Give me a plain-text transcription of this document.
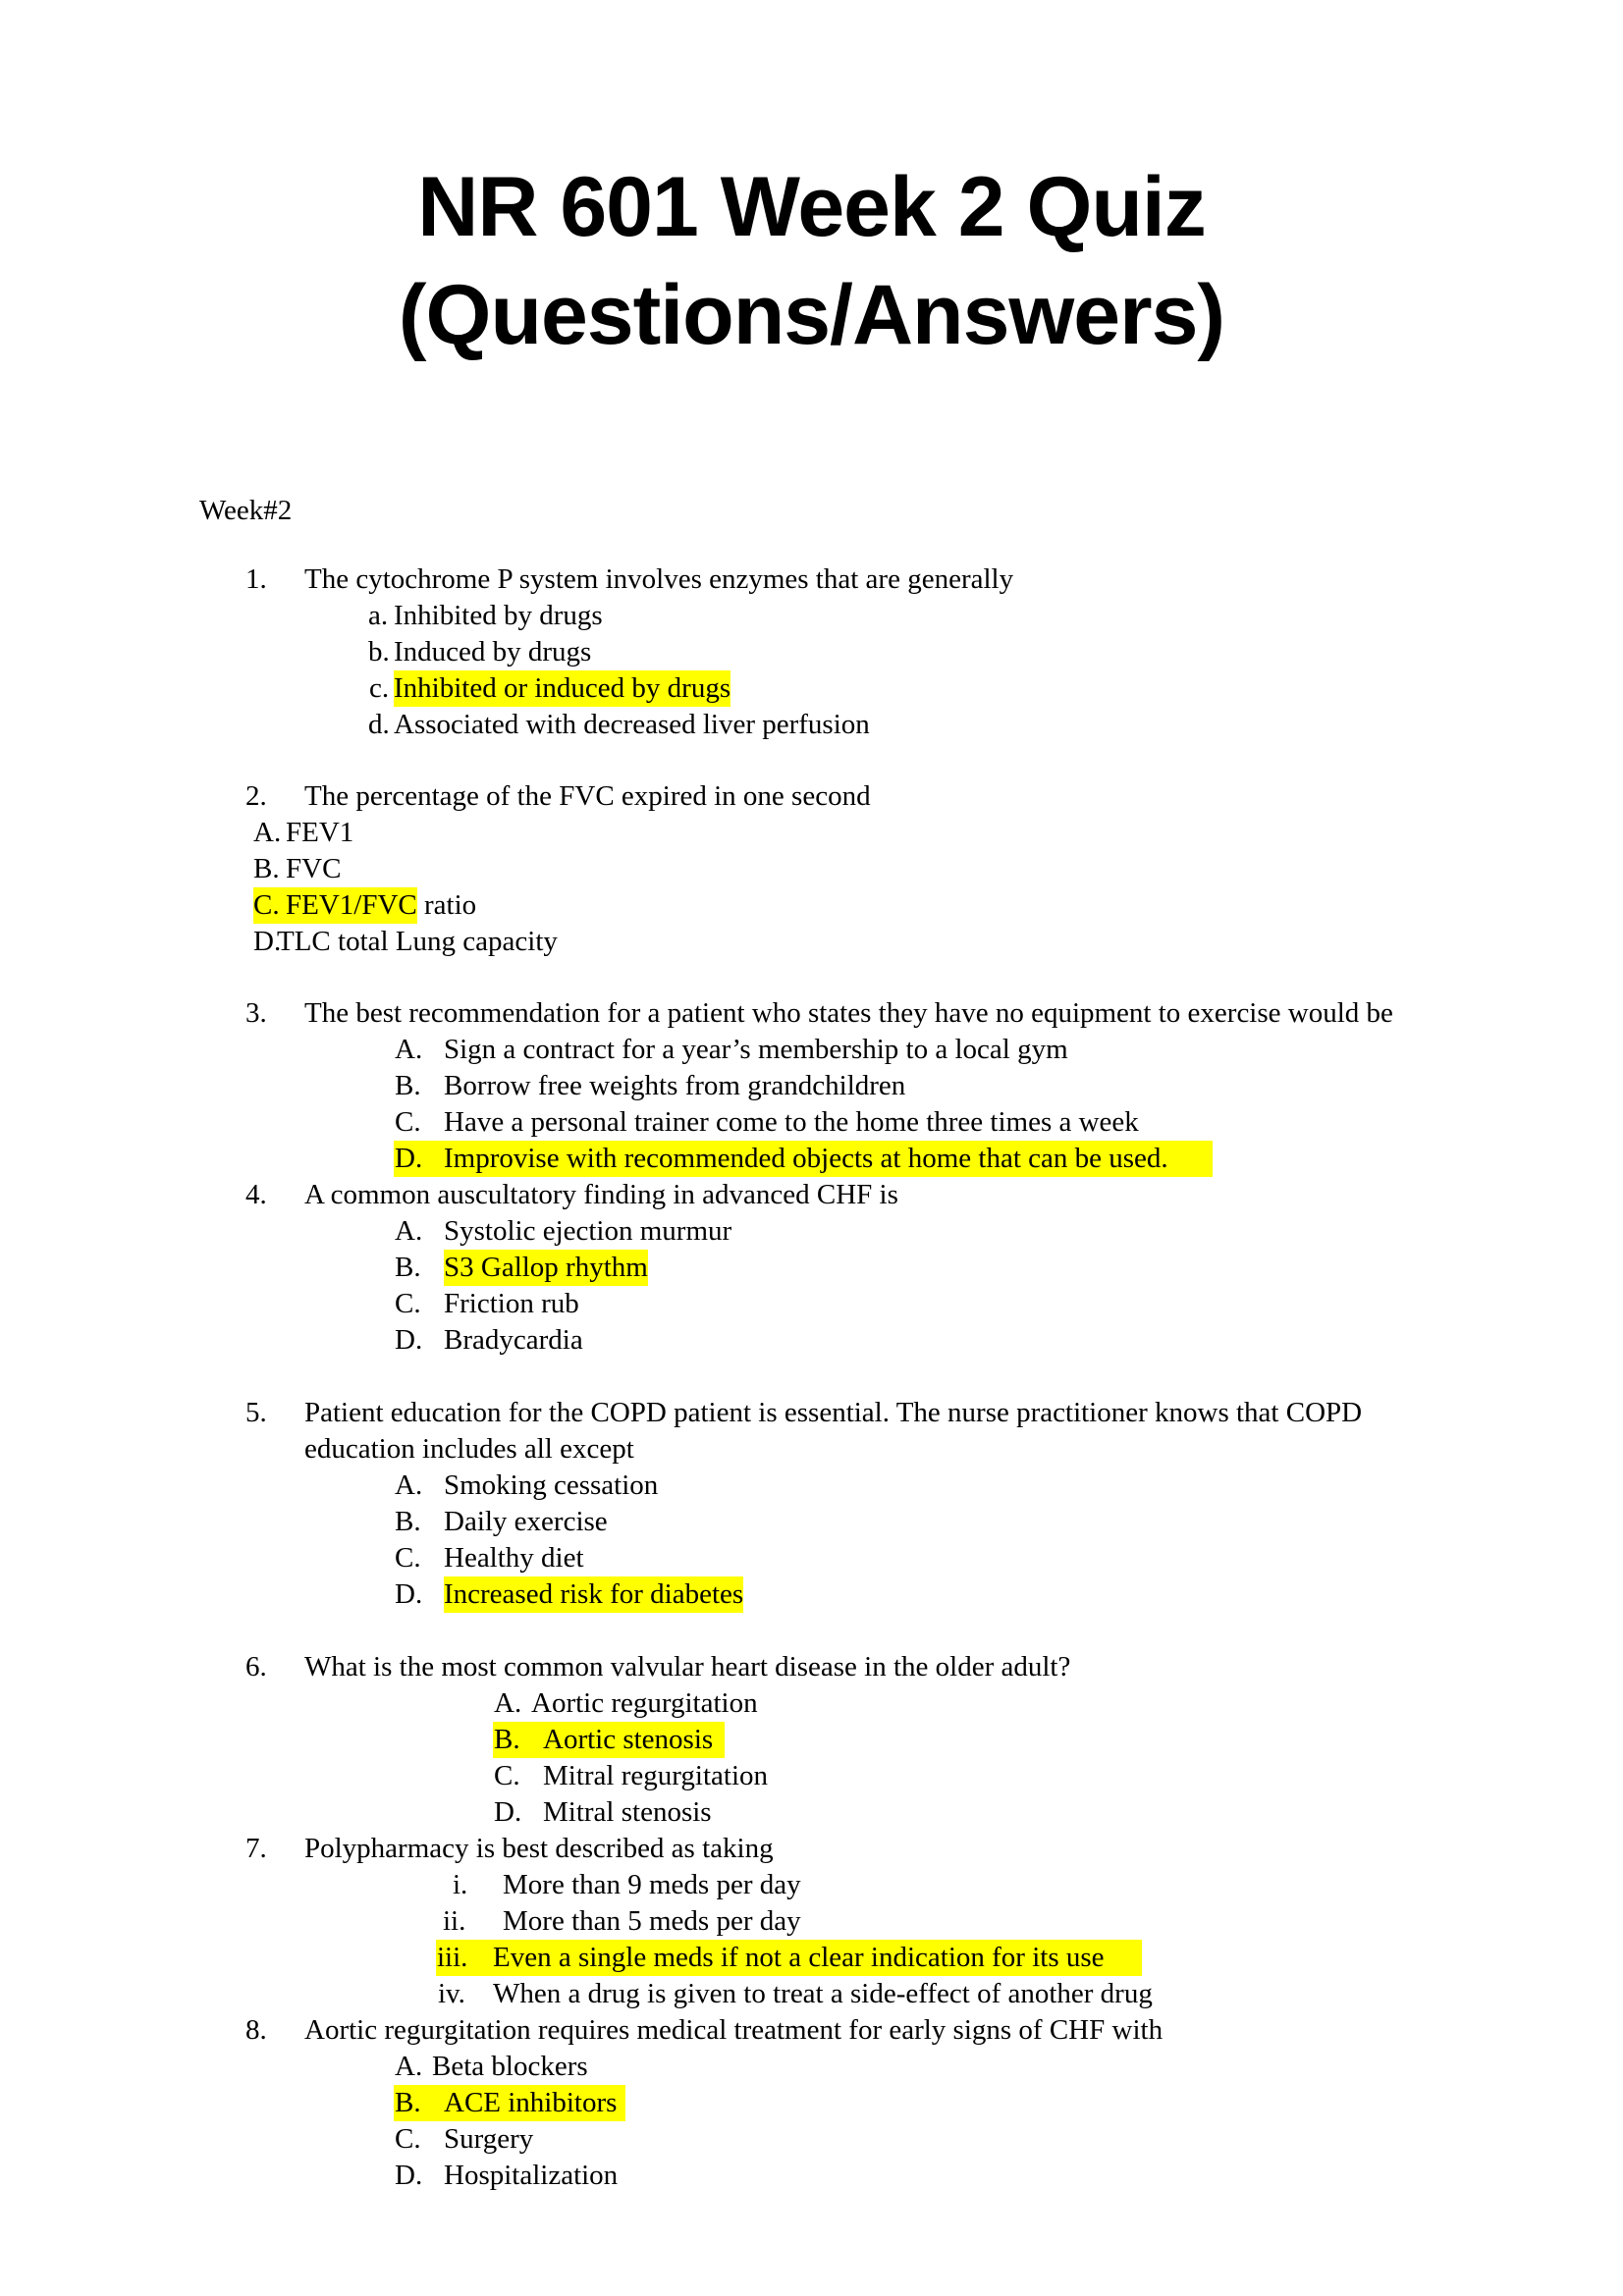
NR 601 Week 2 Quiz
(Questions/Answers)
Week#2
1. The cytochrome P system involves enzymes that are generally
a. Inhibited by drugs
b. Induced by drugs
c. Inhibited or induced by drugs
d. Associated with decreased liver perfusion
2. The percentage of the FVC expired in one second
A. FEV1
B. FVC
C. FEV1/FVC ratio
D.
TLC total Lung capacity
3. The best recommendation for a patient who states they have no equipment to exercise would be
A. Sign a contract for a year’s membership to a local gym
B. Borrow free weights from grandchildren
C. Have a personal trainer come to the home three times a week
D. Improvise with recommended objects at home that can be used.
4. A common auscultatory finding in advanced CHF is
A. Systolic ejection murmur
B. S3 Gallop rhythm
C. Friction rub
D. Bradycardia
5. Patient education for the COPD patient is essential. The nurse practitioner knows that COPD
education includes all except
A. Smoking cessation
B. Daily exercise
C. Healthy diet
D. Increased risk for diabetes
6. What is the most common valvular heart disease in the older adult?
A. Aortic regurgitation
B. Aortic stenosis
C. Mitral regurgitation
D. Mitral stenosis
7. Polypharmacy is best described as taking
i. More than 9 meds per day
ii. More than 5 meds per day
iii. Even a single meds if not a clear indication for its use
iv. When a drug is given to treat a side-effect of another drug
8. Aortic regurgitation requires medical treatment for early signs of CHF with
A. Beta blockers
B. ACE inhibitors
C. Surgery
D. Hospitalization
